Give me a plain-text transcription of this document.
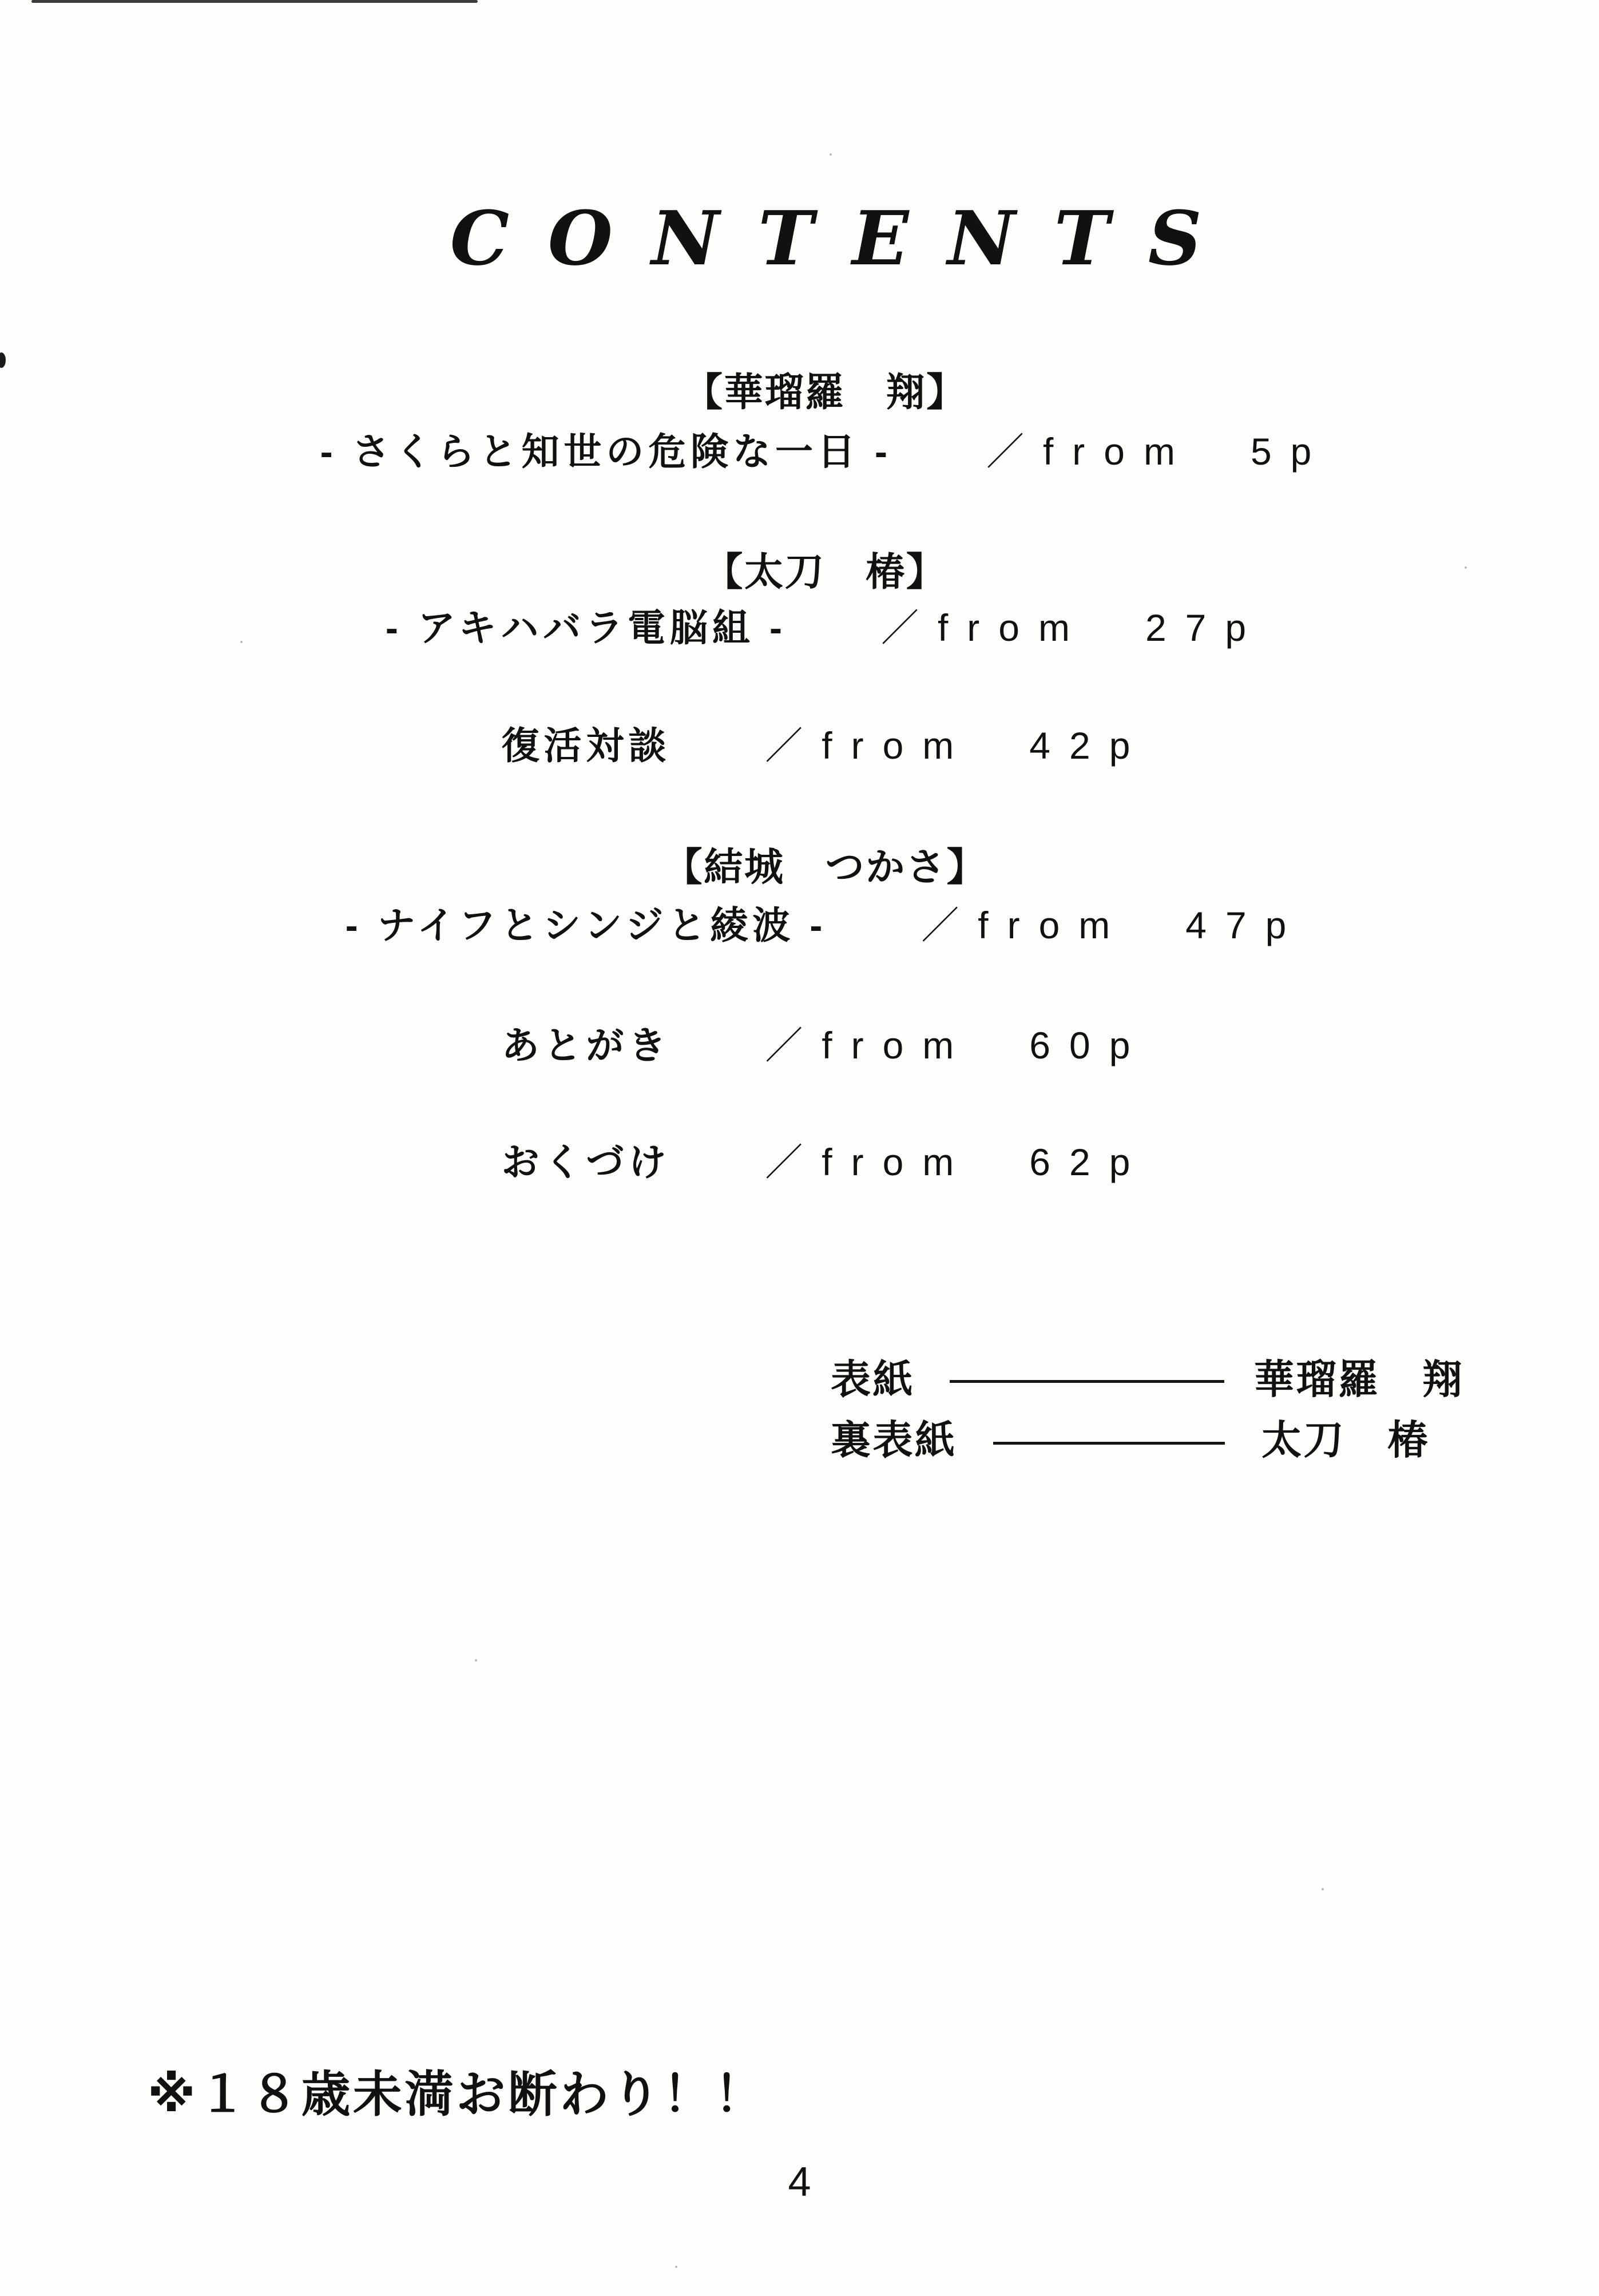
CONTENTS
【華瑠羅　翔】
- さくらと知世の危険な一日 -	／from　5p
【太刀　椿】
- アキハバラ電脳組 -	／from　27p
復活対談	／from　42p
【結城　つかさ】
- ナイフとシンジと綾波 -	／from　47p
あとがき	／from　60p
おくづけ	／from　62p
表紙	華瑠羅　翔
裏表紙	太刀　椿
※１８歳未満お断わり！！
4
